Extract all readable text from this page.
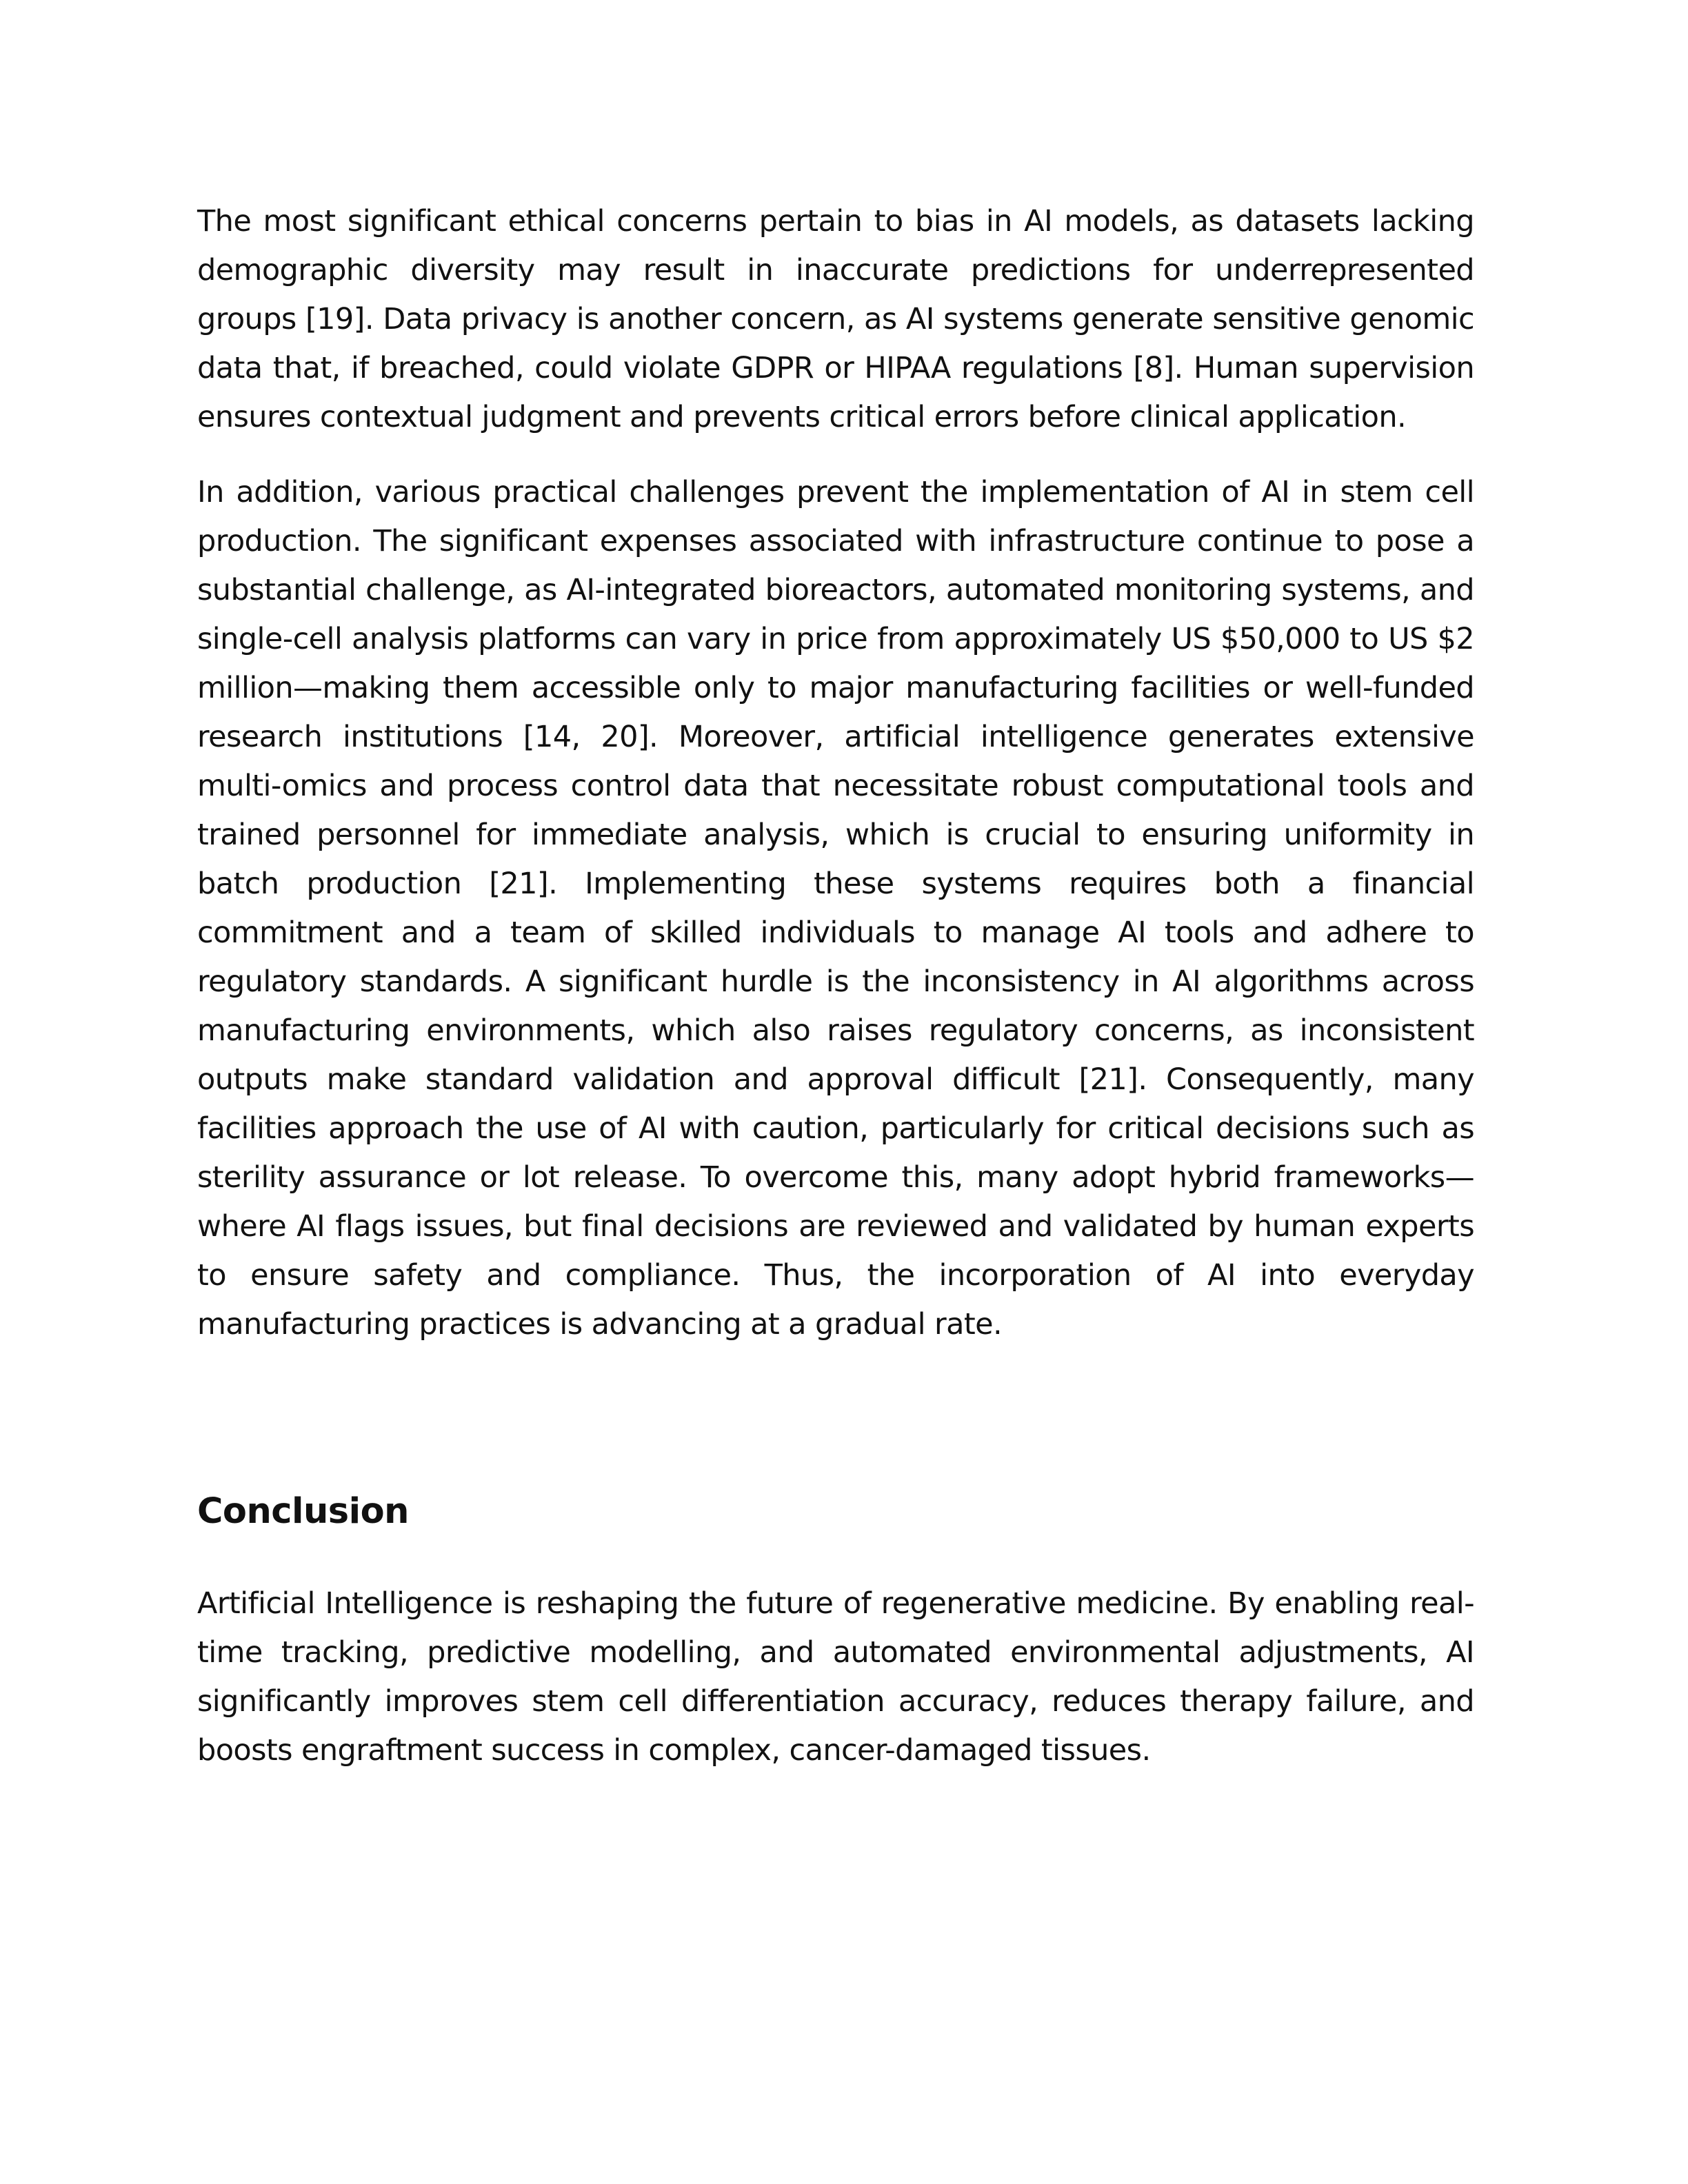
The most significant ethical concerns pertain to bias in AI models, as datasets lacking demographic diversity may result in inaccurate predictions for underrepresented groups [19]. Data privacy is another concern, as AI systems generate sensitive genomic data that, if breached, could violate GDPR or HIPAA regulations [8]. Human supervision ensures contextual judgment and prevents critical errors before clinical application.

In addition, various practical challenges prevent the implementation of AI in stem cell production. The significant expenses associated with infrastructure continue to pose a substantial challenge, as AI-integrated bioreactors, automated monitoring systems, and single-cell analysis platforms can vary in price from approximately US $50,000 to US $2 million—making them accessible only to major manufacturing facilities or well-funded research institutions [14, 20]. Moreover, artificial intelligence generates extensive multi-omics and process control data that necessitate robust computational tools and trained personnel for immediate analysis, which is crucial to ensuring uniformity in batch production [21]. Implementing these systems requires both a financial commitment and a team of skilled individuals to manage AI tools and adhere to regulatory standards. A significant hurdle is the inconsistency in AI algorithms across manufacturing environments, which also raises regulatory concerns, as inconsistent outputs make standard validation and approval difficult [21]. Consequently, many facilities approach the use of AI with caution, particularly for critical decisions such as sterility assurance or lot release. To overcome this, many adopt hybrid frameworks—where AI flags issues, but final decisions are reviewed and validated by human experts to ensure safety and compliance. Thus, the incorporation of AI into everyday manufacturing practices is advancing at a gradual rate.

Conclusion

Artificial Intelligence is reshaping the future of regenerative medicine. By enabling real-time tracking, predictive modelling, and automated environmental adjustments, AI significantly improves stem cell differentiation accuracy, reduces therapy failure, and boosts engraftment success in complex, cancer-damaged tissues.
